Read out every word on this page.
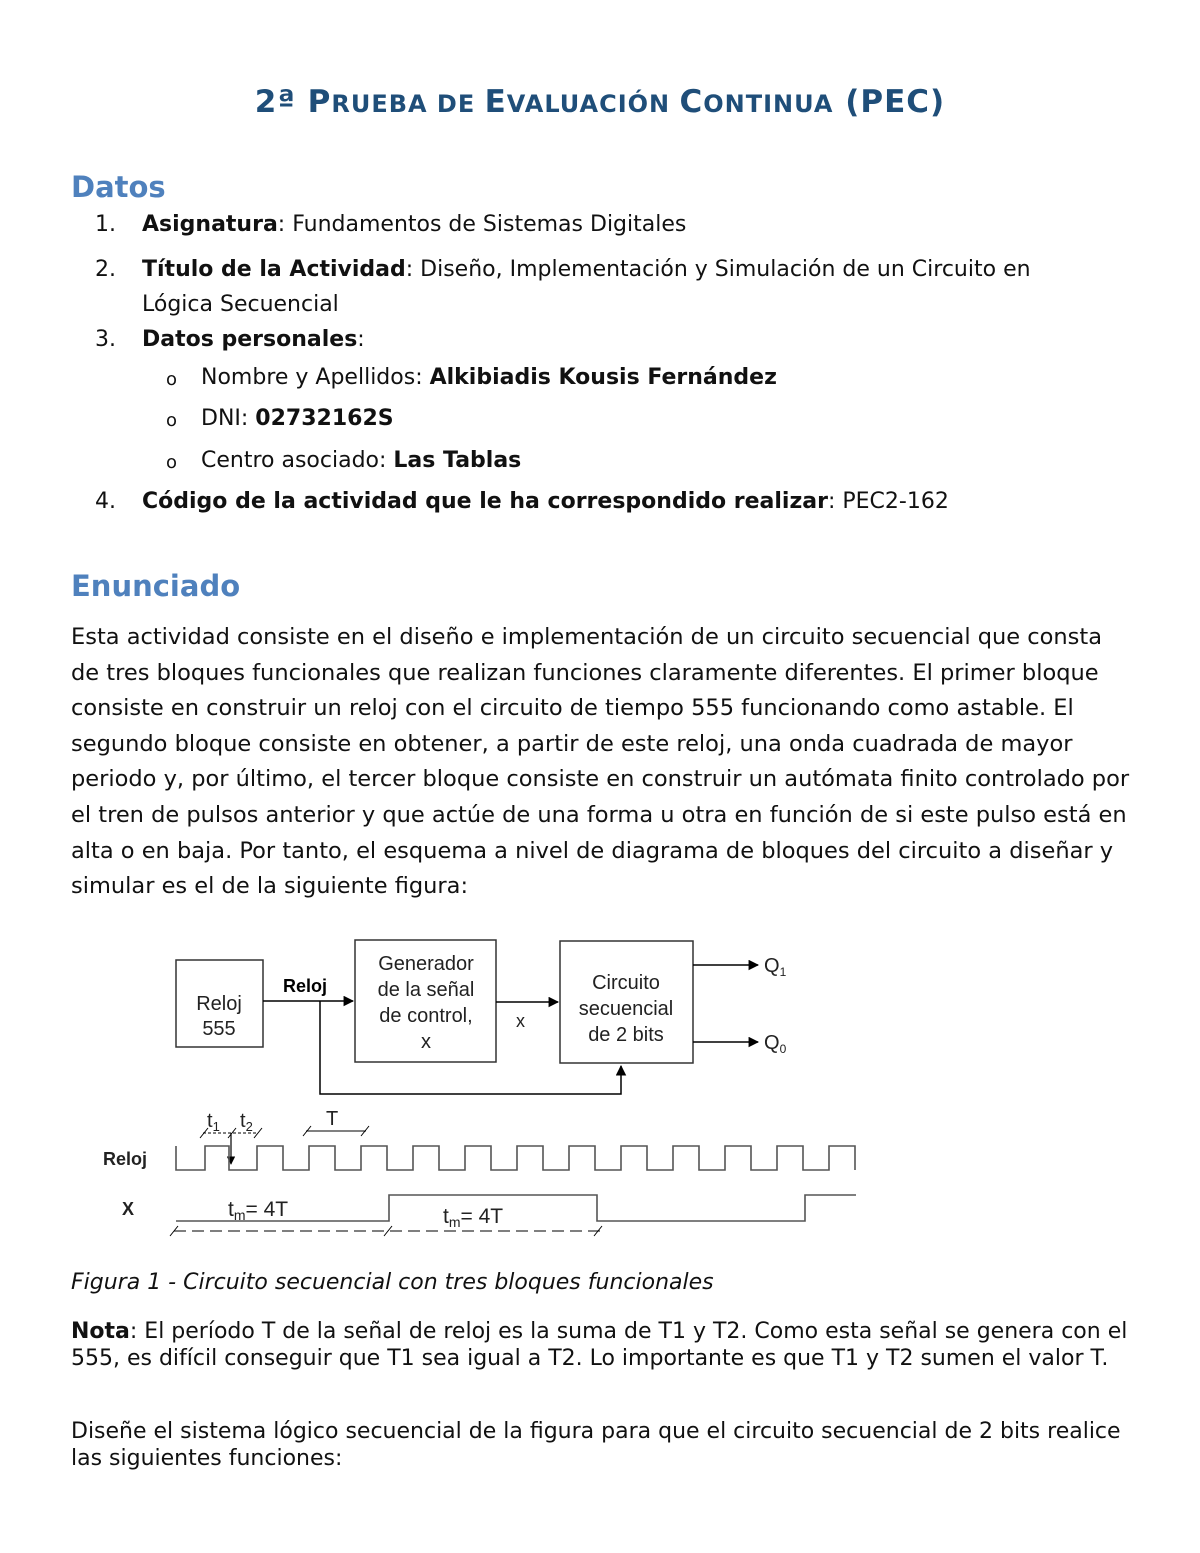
2ª PRUEBA DE EVALUACIÓN CONTINUA (PEC)
Datos
1. Asignatura: Fundamentos de Sistemas Digitales
2. Título de la Actividad: Diseño, Implementación y Simulación de un Circuito en Lógica Secuencial
3. Datos personales:
o Nombre y Apellidos: Alkibiadis Kousis Fernández
o DNI: 02732162S
o Centro asociado: Las Tablas
4. Código de la actividad que le ha correspondido realizar: PEC2-162
Enunciado

Esta actividad consiste en el diseño e implementación de un circuito secuencial que consta de tres bloques funcionales que realizan funciones claramente diferentes. El primer bloque consiste en construir un reloj con el circuito de tiempo 555 funcionando como astable. El segundo bloque consiste en obtener, a partir de este reloj, una onda cuadrada de mayor periodo y, por último, el tercer bloque consiste en construir un autómata finito controlado por el tren de pulsos anterior y que actúe de una forma u otra en función de si este pulso está en alta o en baja. Por tanto, el esquema a nivel de diagrama de bloques del circuito a diseñar y simular es el de la siguiente figura:

Reloj
555
Generador
de la señal
de control,
x
Circuito
secuencial
de 2 bits
Reloj
x
$Q_1$
$Q_0$
$t_1$ $t_2$	T
Reloj
X	tm= 4T	tm= 4T

Figura 1 - Circuito secuencial con tres bloques funcionales

Nota: El período T de la señal de reloj es la suma de T1 y T2. Como esta señal se genera con el 555, es difícil conseguir que T1 sea igual a T2. Lo importante es que T1 y T2 sumen el valor T.

Diseñe el sistema lógico secuencial de la figura para que el circuito secuencial de 2 bits realice las siguientes funciones:
